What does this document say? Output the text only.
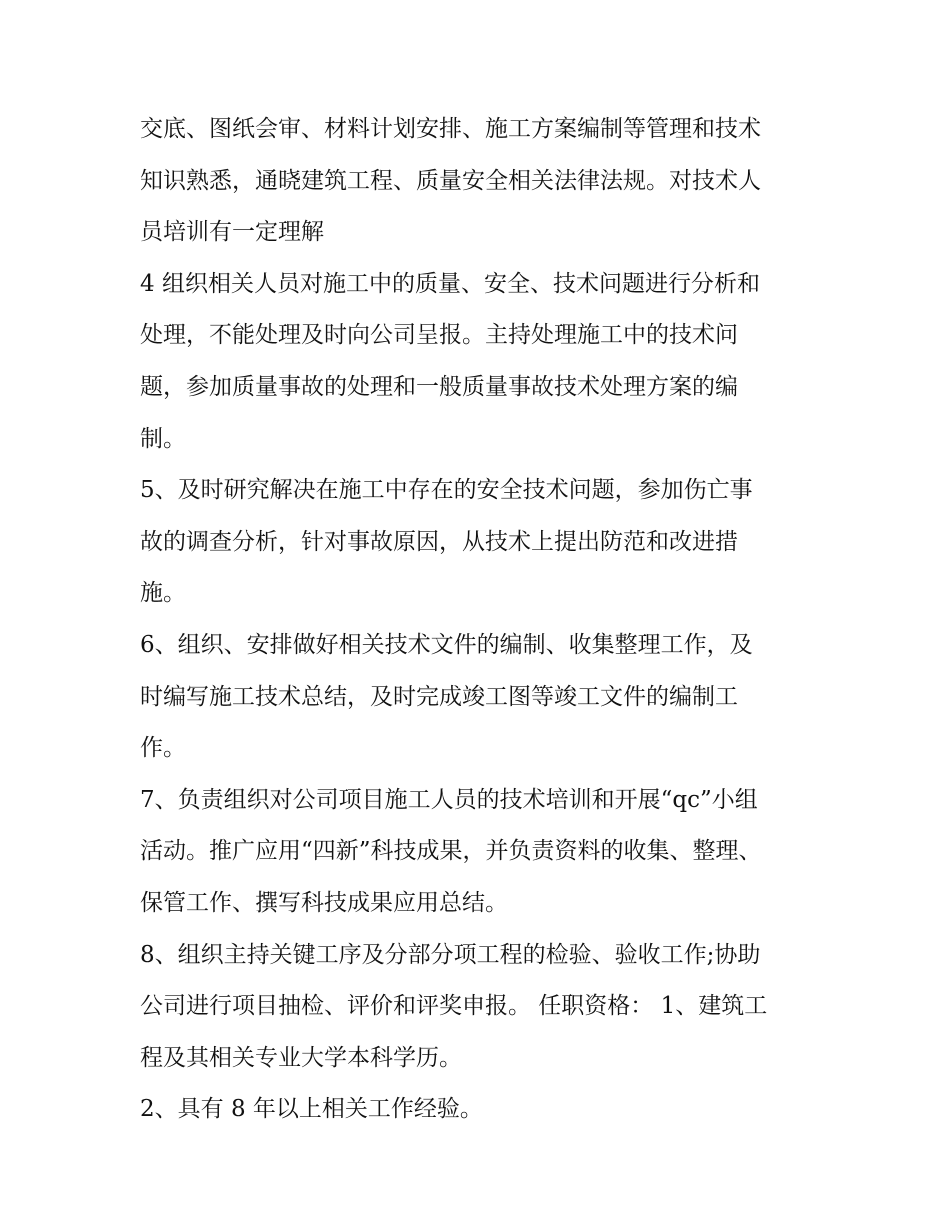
交底、图纸会审、材料计划安排、施工方案编制等管理和技术
知识熟悉，通晓建筑工程、质量安全相关法律法规。对技术人
员培训有一定理解
4 组织相关人员对施工中的质量、安全、技术问题进行分析和
处理，不能处理及时向公司呈报。主持处理施工中的技术问
题，参加质量事故的处理和一般质量事故技术处理方案的编
制。
5、及时研究解决在施工中存在的安全技术问题，参加伤亡事
故的调查分析，针对事故原因，从技术上提出防范和改进措
施。
6、组织、安排做好相关技术文件的编制、收集整理工作，及
时编写施工技术总结，及时完成竣工图等竣工文件的编制工
作。
7、负责组织对公司项目施工人员的技术培训和开展“qc”小组
活动。推广应用“四新”科技成果，并负责资料的收集、整理、
保管工作、撰写科技成果应用总结。
8、组织主持关键工序及分部分项工程的检验、验收工作;协助
公司进行项目抽检、评价和评奖申报。 任职资格： 1、建筑工
程及其相关专业大学本科学历。
2、具有 8 年以上相关工作经验。
